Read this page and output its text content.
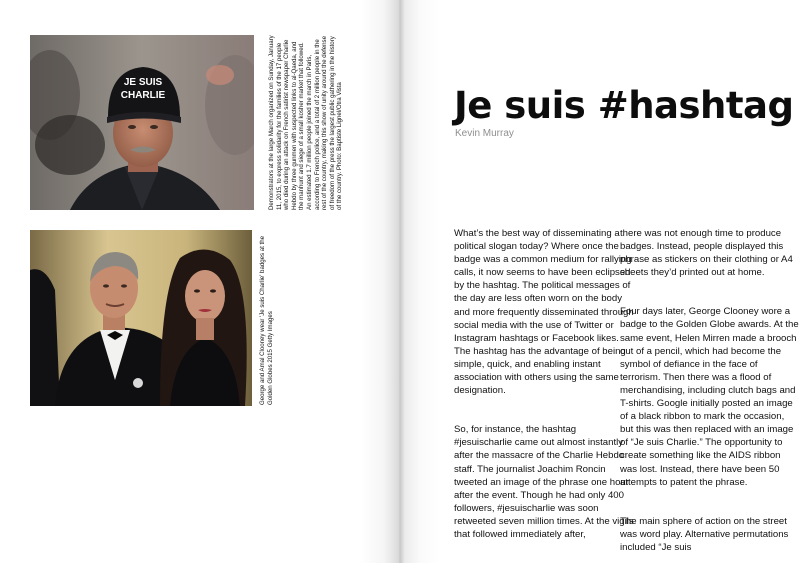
JE SUIS
CHARLIE	Demonstrators at the large March organized on Sunday, January 11, 2015, to express solidarity for the families of the 17 people who died during an attack on French satirist newspaper Charlie Hebdo by three gunmen with suspected links to al-Qaeda, and the manhunt and siege of a small kosher market that followed. An estimated 1.7 million people joined the march in Paris, according to French police, and a total of 2 million people in the rest of the country, making this show of unity around the defense of freedom of the press the largest public gathering in the history of the country. Photo: Baptiste Lignel/Otra Vista
George and Amal Clooney wear 'Je suis Charlie' badges at the Golden Globes 2015 Getty Images
Je suis #hashtag
Kevin Murray

What’s the best way of disseminating a political slogan today? Where once the badge was a common medium for rallying calls, it now seems to have been eclipsed by the hashtag. The political messages of the day are less often worn on the body and more frequently disseminated through social media with the use of Twitter or Instagram hashtags or Facebook likes. The hashtag has the advantage of being simple, quick, and enabling instant association with others using the same designation.

So, for instance, the hashtag #jesuischarlie came out almost instantly after the massacre of the Charlie Hebdo staff. The journalist Joachim Roncin tweeted an image of the phrase one hour after the event. Though he had only 400 followers, #jesuischarlie was soon retweeted seven million times. At the vigils that followed immediately after,

there was not enough time to produce badges. Instead, people displayed this phrase as stickers on their clothing or A4 sheets they’d printed out at home.

Four days later, George Clooney wore a badge to the Golden Globe awards. At the same event, Helen Mirren made a brooch out of a pencil, which had become the symbol of defiance in the face of terrorism. Then there was a flood of merchandising, including clutch bags and T-shirts. Google initially posted an image of a black ribbon to mark the occasion, but this was then replaced with an image of “Je suis Charlie.” The opportunity to create something like the AIDS ribbon was lost. Instead, there have been 50 attempts to patent the phrase.

The main sphere of action on the street was word play. Alternative permutations included “Je suis
